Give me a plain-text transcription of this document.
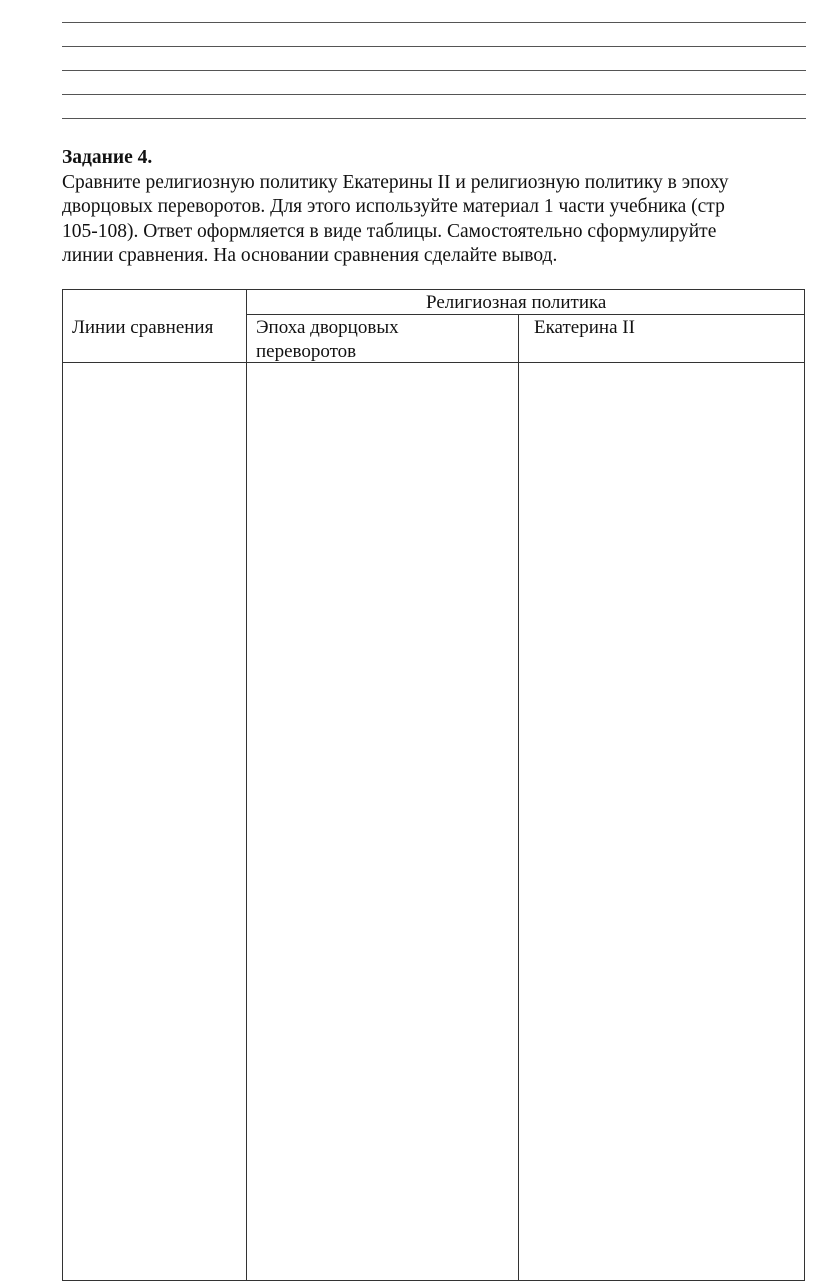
Задание 4.

Сравните религиозную политику Екатерины II и религиозную политику в эпоху

дворцовых переворотов. Для этого используйте материал 1 части учебника (стр

105-108). Ответ оформляется в виде таблицы. Самостоятельно сформулируйте

линии сравнения. На основании сравнения сделайте вывод.

Религиозная политика
Линии сравнения Эпоха дворцовых
переворотов
Екатерина II
